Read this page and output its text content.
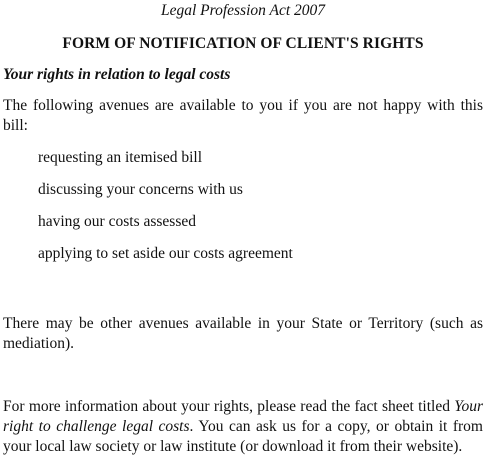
Legal Profession Act 2007
FORM OF NOTIFICATION OF CLIENT'S RIGHTS
Your rights in relation to legal costs

The following avenues are available to you if you are not happy with this bill:

requesting an itemised bill
discussing your concerns with us
having our costs assessed
applying to set aside our costs agreement

There may be other avenues available in your State or Territory (such as mediation).

For more information about your rights, please read the fact sheet titled Your right to challenge legal costs. You can ask us for a copy, or obtain it from your local law society or law institute (or download it from their website).
